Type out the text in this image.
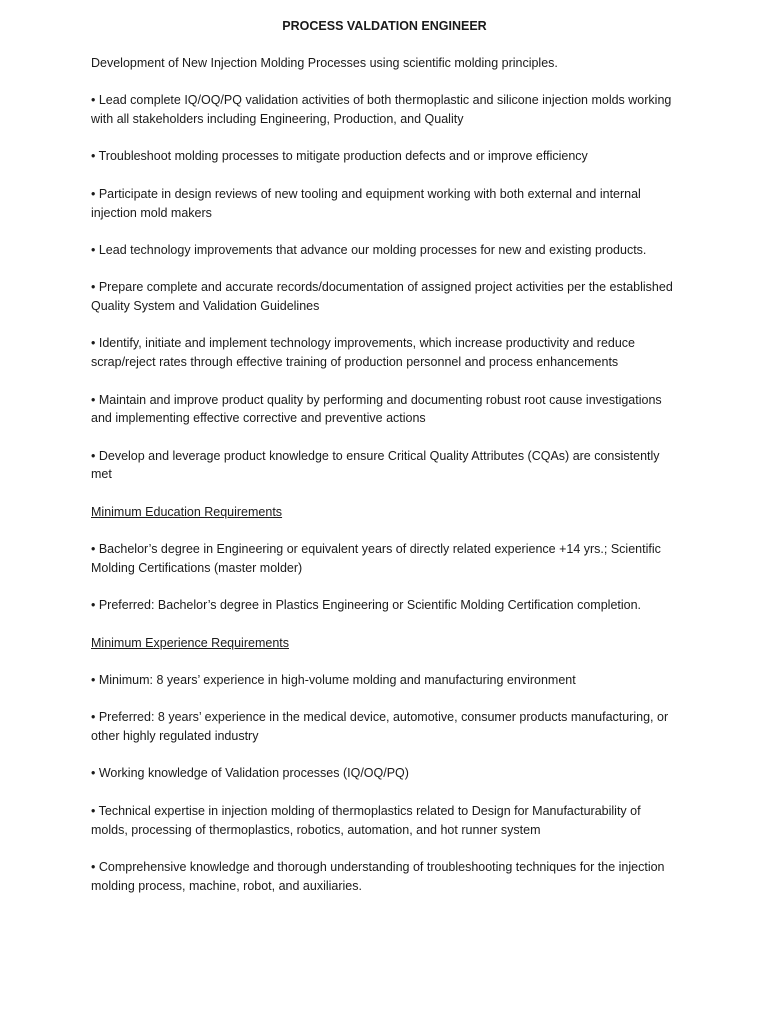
PROCESS VALDATION ENGINEER
Development of New Injection Molding Processes using scientific molding principles.
• Lead complete IQ/OQ/PQ validation activities of both thermoplastic and silicone injection molds working with all stakeholders including Engineering, Production, and Quality
• Troubleshoot molding processes to mitigate production defects and or improve efficiency
• Participate in design reviews of new tooling and equipment working with both external and internal injection mold makers
• Lead technology improvements that advance our molding processes for new and existing products.
• Prepare complete and accurate records/documentation of assigned project activities per the established Quality System and Validation Guidelines
• Identify, initiate and implement technology improvements, which increase productivity and reduce scrap/reject rates through effective training of production personnel and process enhancements
• Maintain and improve product quality by performing and documenting robust root cause investigations and implementing effective corrective and preventive actions
• Develop and leverage product knowledge to ensure Critical Quality Attributes (CQAs) are consistently met
Minimum Education Requirements
• Bachelor’s degree in Engineering or equivalent years of directly related experience +14 yrs.; Scientific Molding Certifications (master molder)
• Preferred: Bachelor’s degree in Plastics Engineering or Scientific Molding Certification completion.
Minimum Experience Requirements
• Minimum: 8 years’ experience in high-volume molding and manufacturing environment
• Preferred: 8 years’ experience in the medical device, automotive, consumer products manufacturing, or other highly regulated industry
• Working knowledge of Validation processes (IQ/OQ/PQ)
• Technical expertise in injection molding of thermoplastics related to Design for Manufacturability of molds, processing of thermoplastics, robotics, automation, and hot runner system
• Comprehensive knowledge and thorough understanding of troubleshooting techniques for the injection molding process, machine, robot, and auxiliaries.
